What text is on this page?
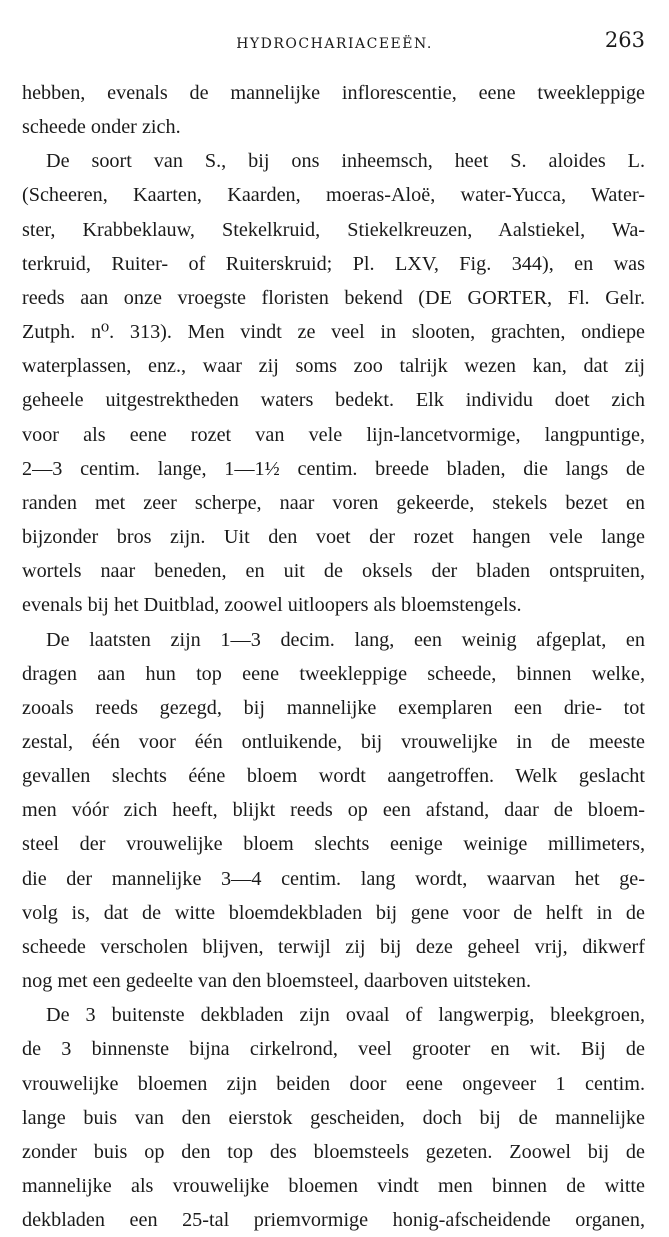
HYDROCHARIACEEËN.	263
hebben, evenals de mannelijke inflorescentie, eene tweekleppige
scheede onder zich.
De soort van S., bij ons inheemsch, heet S. aloides L.
(Scheeren, Kaarten, Kaarden, moeras-Aloë, water-Yucca, Water-
ster, Krabbeklauw, Stekelkruid, Stiekelkreuzen, Aalstiekel, Wa-
terkruid, Ruiter- of Ruiterskruid; Pl. LXV, Fig. 344), en was
reeds aan onze vroegste floristen bekend (DE GORTER, Fl. Gelr.
Zutph. n⁰. 313). Men vindt ze veel in slooten, grachten, ondiepe
waterplassen, enz., waar zij soms zoo talrijk wezen kan, dat zij
geheele uitgestrektheden waters bedekt. Elk individu doet zich
voor als eene rozet van vele lijn-lancetvormige, langpuntige,
2—3 centim. lange, 1—1½ centim. breede bladen, die langs de
randen met zeer scherpe, naar voren gekeerde, stekels bezet en
bijzonder bros zijn. Uit den voet der rozet hangen vele lange
wortels naar beneden, en uit de oksels der bladen ontspruiten,
evenals bij het Duitblad, zoowel uitloopers als bloemstengels.
De laatsten zijn 1—3 decim. lang, een weinig afgeplat, en
dragen aan hun top eene tweekleppige scheede, binnen welke,
zooals reeds gezegd, bij mannelijke exemplaren een drie- tot
zestal, één voor één ontluikende, bij vrouwelijke in de meeste
gevallen slechts ééne bloem wordt aangetroffen. Welk geslacht
men vóór zich heeft, blijkt reeds op een afstand, daar de bloem-
steel der vrouwelijke bloem slechts eenige weinige millimeters,
die der mannelijke 3—4 centim. lang wordt, waarvan het ge-
volg is, dat de witte bloemdekbladen bij gene voor de helft in de
scheede verscholen blijven, terwijl zij bij deze geheel vrij, dikwerf
nog met een gedeelte van den bloemsteel, daarboven uitsteken.
De 3 buitenste dekbladen zijn ovaal of langwerpig, bleekgroen,
de 3 binnenste bijna cirkelrond, veel grooter en wit. Bij de
vrouwelijke bloemen zijn beiden door eene ongeveer 1 centim.
lange buis van den eierstok gescheiden, doch bij de mannelijke
zonder buis op den top des bloemsteels gezeten. Zoowel bij de
mannelijke als vrouwelijke bloemen vindt men binnen de witte
dekbladen een 25-tal priemvormige honig-afscheidende organen,
